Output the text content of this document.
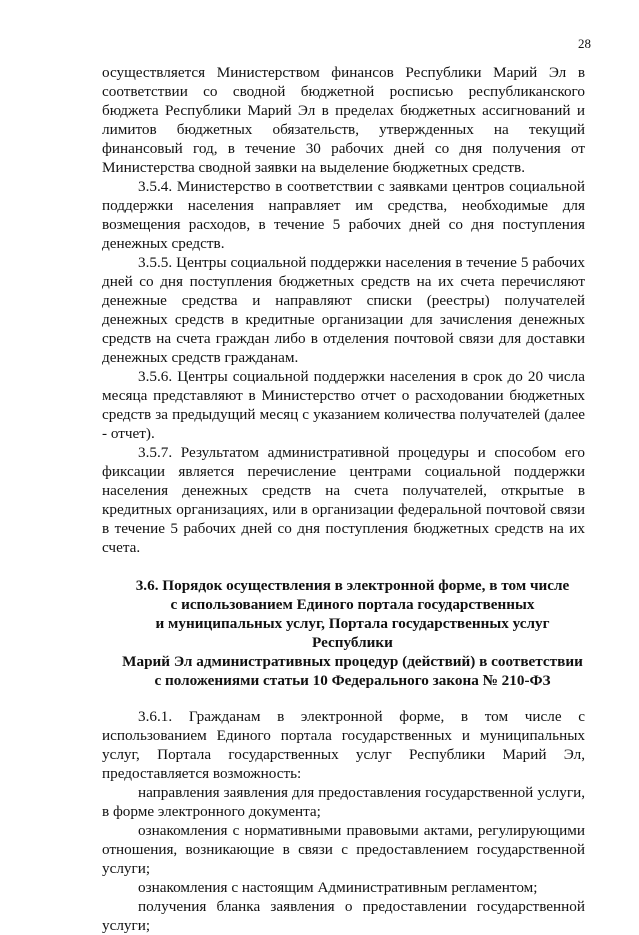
28

осуществляется Министерством финансов Республики Марий Эл в соответствии со сводной бюджетной росписью республиканского бюджета Республики Марий Эл в пределах бюджетных ассигнований и лимитов бюджетных обязательств, утвержденных на текущий финансовый год, в течение 30 рабочих дней со дня получения от Министерства сводной заявки на выделение бюджетных средств.

3.5.4. Министерство в соответствии с заявками центров социальной поддержки населения направляет им средства, необходимые для возмещения расходов, в течение 5 рабочих дней со дня поступления денежных средств.

3.5.5. Центры социальной поддержки населения в течение 5 рабочих дней со дня поступления бюджетных средств на их счета перечисляют денежные средства и направляют списки (реестры) получателей денежных средств в кредитные организации для зачисления денежных средств на счета граждан либо в отделения почтовой связи для доставки денежных средств гражданам.

3.5.6. Центры социальной поддержки населения в срок до 20 числа месяца представляют в Министерство отчет о расходовании бюджетных средств за предыдущий месяц с указанием количества получателей (далее - отчет).

3.5.7. Результатом административной процедуры и способом его фиксации является перечисление центрами социальной поддержки населения денежных средств на счета получателей, открытые в кредитных организациях, или в организации федеральной почтовой связи в течение 5 рабочих дней со дня поступления бюджетных средств на их счета.

3.6. Порядок осуществления в электронной форме, в том числе
с использованием Единого портала государственных
и муниципальных услуг, Портала государственных услуг Республики
Марий Эл административных процедур (действий) в соответствии
с положениями статьи 10 Федерального закона № 210-ФЗ

3.6.1. Гражданам в электронной форме, в том числе с использованием Единого портала государственных и муниципальных услуг, Портала государственных услуг Республики Марий Эл, предоставляется возможность:

направления заявления для предоставления государственной услуги, в форме электронного документа;

ознакомления с нормативными правовыми актами, регулирующими отношения, возникающие в связи с предоставлением государственной услуги;

ознакомления с настоящим Административным регламентом;

получения бланка заявления о предоставлении государственной услуги;
